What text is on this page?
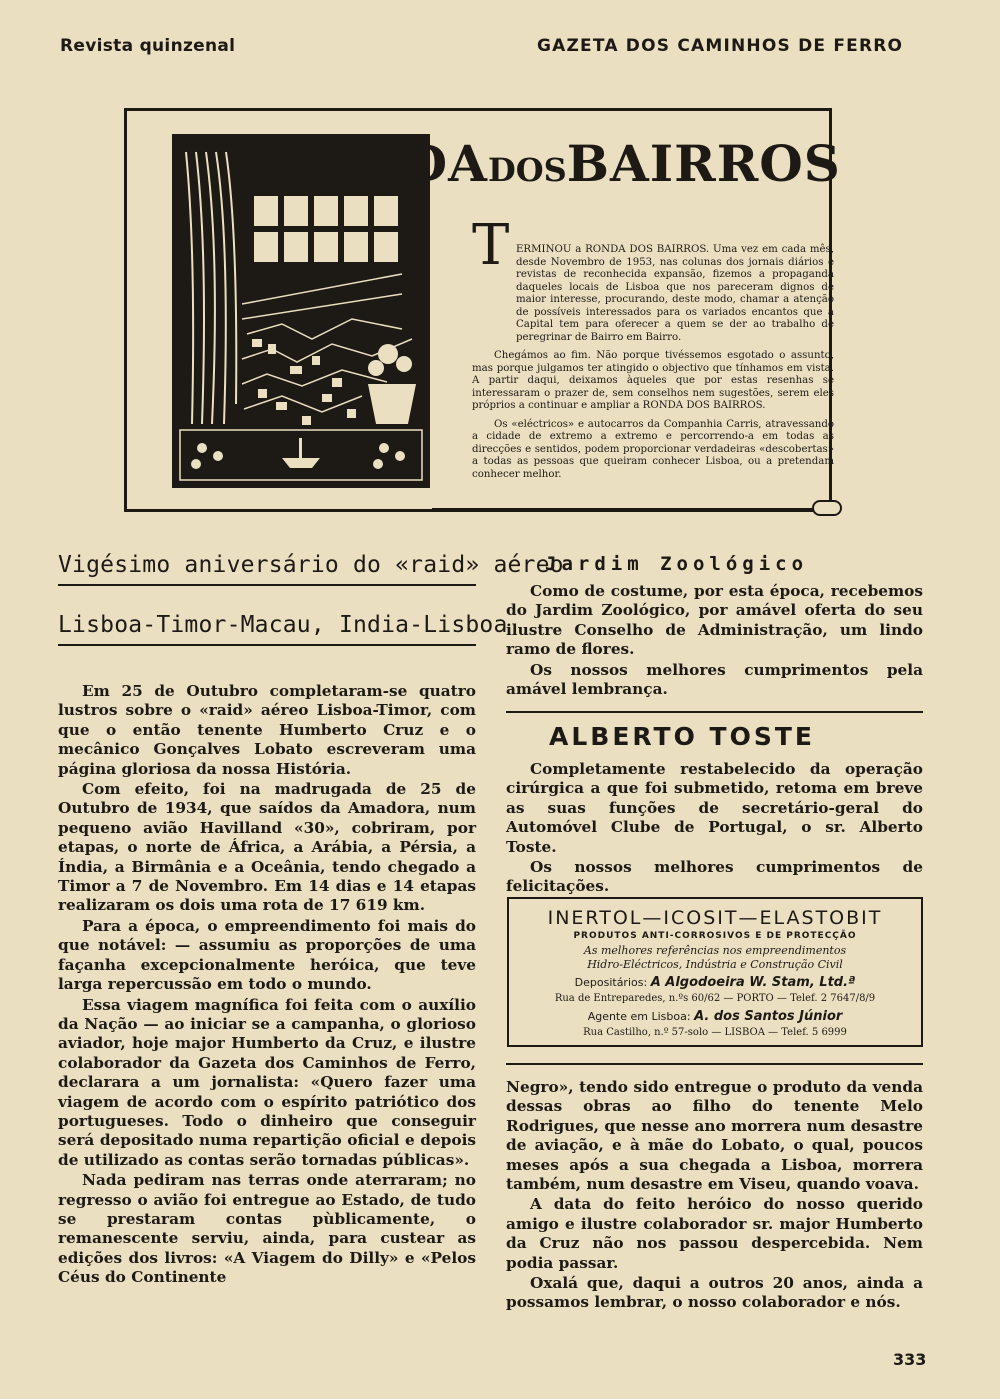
Revista quinzenal	GAZETA DOS CAMINHOS DE FERRO
RONDADOSBAIRROS
T ERMINOU a RONDA DOS BAIRROS. Uma vez em cada mês, desde Novembro de 1953, nas colunas dos jornais diários e revistas de reconhecida expansão, fizemos a propaganda daqueles locais de Lisboa que nos pareceram dignos de maior interesse, procurando, deste modo, chamar a atenção de possíveis interessados para os variados encantos que a Capital tem para oferecer a quem se der ao trabalho de peregrinar de Bairro em Bairro.

Chegámos ao fim. Não porque tivéssemos esgotado o assunto, mas porque julgamos ter atingido o objectivo que tínhamos em vista. A partir daqui, deixamos àqueles que por estas resenhas se interessaram o prazer de, sem conselhos nem sugestões, serem eles próprios a continuar e ampliar a RONDA DOS BAIRROS.

Os «eléctricos» e autocarros da Companhia Carris, atravessando a cidade de extremo a extremo e percorrendo-a em todas as direcções e sentidos, podem proporcionar verdadeiras «descobertas» a todas as pessoas que queiram conhecer Lisboa, ou a pretendam conhecer melhor.

Vigésimo aniversário do «raid» aéreo
Lisboa-Timor-Macau, India-Lisboa

Em 25 de Outubro completaram-se quatro lustros sobre o «raid» aéreo Lisboa-Timor, com que o então tenente Humberto Cruz e o mecânico Gonçalves Lobato escreveram uma página gloriosa da nossa História.

Com efeito, foi na madrugada de 25 de Outubro de 1934, que saídos da Amadora, num pequeno avião Havilland «30», cobriram, por etapas, o norte de África, a Arábia, a Pérsia, a Índia, a Birmânia e a Oceânia, tendo chegado a Timor a 7 de Novembro. Em 14 dias e 14 etapas realizaram os dois uma rota de 17 619 km.

Para a época, o empreendimento foi mais do que notável: — assumiu as proporções de uma façanha excepcionalmente heróica, que teve larga repercussão em todo o mundo.

Essa viagem magnífica foi feita com o auxílio da Nação — ao iniciar se a campanha, o glorioso aviador, hoje major Humberto da Cruz, e ilustre colaborador da Gazeta dos Caminhos de Ferro, declarara a um jornalista: «Quero fazer uma viagem de acordo com o espírito patriótico dos portugueses. Todo o dinheiro que conseguir será depositado numa repartição oficial e depois de utilizado as contas serão tornadas públicas».

Nada pediram nas terras onde aterraram; no regresso o avião foi entregue ao Estado, de tudo se prestaram contas pùblicamente, o remanescente serviu, ainda, para custear as edições dos livros: «A Viagem do Dilly» e «Pelos Céus do Continente

Jardim Zoológico

Como de costume, por esta época, recebemos do Jardim Zoológico, por amável oferta do seu ilustre Conselho de Administração, um lindo ramo de flores.

Os nossos melhores cumprimentos pela amável lembrança.

ALBERTO TOSTE

Completamente restabelecido da operação cirúrgica a que foi submetido, retoma em breve as suas funções de secretário-geral do Automóvel Clube de Portugal, o sr. Alberto Toste.

Os nossos melhores cumprimentos de felicitações.

INERTOL—ICOSIT—ELASTOBIT
PRODUTOS ANTI-CORROSIVOS E DE PROTECÇÃO
As melhores referências nos empreendimentos
Hidro-Eléctricos, Indústria e Construção Civil
Depositários: A Algodoeira W. Stam, Ltd.ª
Rua de Entreparedes, n.ºs 60/62 — PORTO — Telef. 2 7647/8/9
Agente em Lisboa: A. dos Santos Júnior
Rua Castilho, n.º 57-solo — LISBOA — Telef. 5 6999

Negro», tendo sido entregue o produto da venda dessas obras ao filho do tenente Melo Rodrigues, que nesse ano morrera num desastre de aviação, e à mãe do Lobato, o qual, poucos meses após a sua chegada a Lisboa, morrera também, num desastre em Viseu, quando voava.

A data do feito heróico do nosso querido amigo e ilustre colaborador sr. major Humberto da Cruz não nos passou despercebida. Nem podia passar.

Oxalá que, daqui a outros 20 anos, ainda a possamos lembrar, o nosso colaborador e nós.

333
